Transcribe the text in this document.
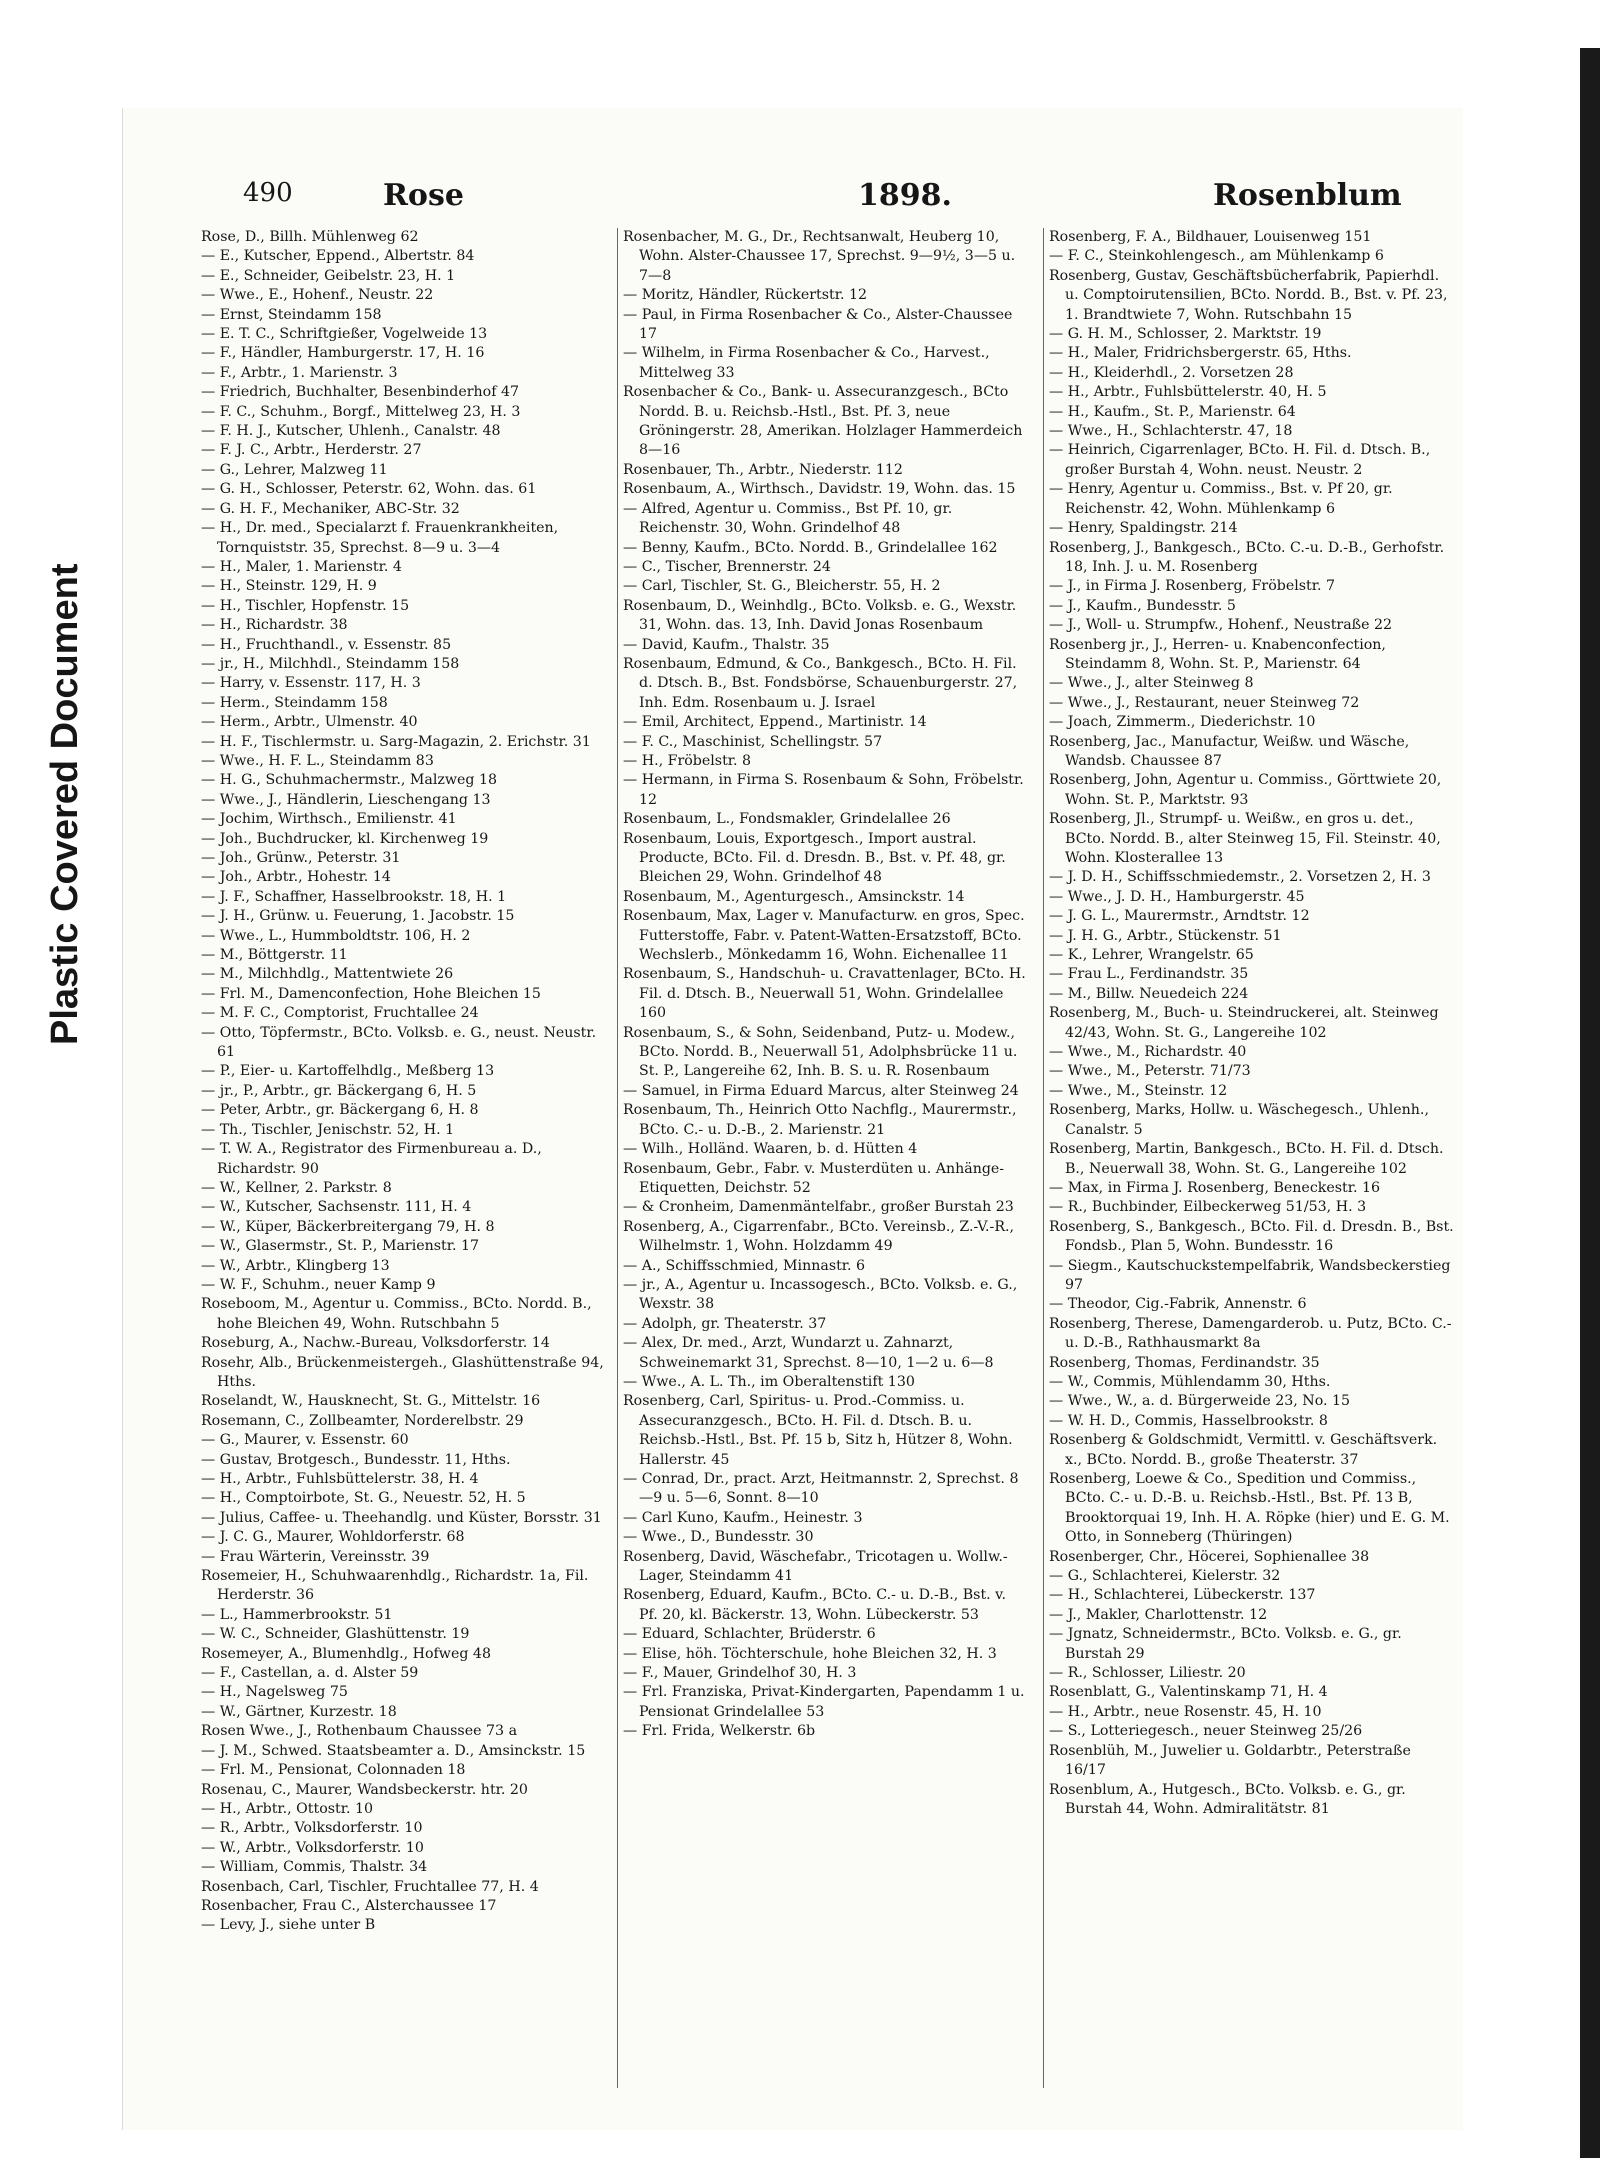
Plastic Covered Document
490	Rose	1898.	Rosenblum

Rose, D., Billh. Mühlenweg 62

— E., Kutscher, Eppend., Albertstr. 84

— E., Schneider, Geibelstr. 23, H. 1

— Wwe., E., Hohenf., Neustr. 22

— Ernst, Steindamm 158

— E. T. C., Schriftgießer, Vogelweide 13

— F., Händler, Hamburgerstr. 17, H. 16

— F., Arbtr., 1. Marienstr. 3

— Friedrich, Buchhalter, Besenbinderhof 47

— F. C., Schuhm., Borgf., Mittelweg 23, H. 3

— F. H. J., Kutscher, Uhlenh., Canalstr. 48

— F. J. C., Arbtr., Herderstr. 27

— G., Lehrer, Malzweg 11

— G. H., Schlosser, Peterstr. 62, Wohn. das. 61

— G. H. F., Mechaniker, ABC-Str. 32

— H., Dr. med., Specialarzt f. Frauenkrankheiten, Tornquiststr. 35, Sprechst. 8—9 u. 3—4

— H., Maler, 1. Marienstr. 4

— H., Steinstr. 129, H. 9

— H., Tischler, Hopfenstr. 15

— H., Richardstr. 38

— H., Fruchthandl., v. Essenstr. 85

— jr., H., Milchhdl., Steindamm 158

— Harry, v. Essenstr. 117, H. 3

— Herm., Steindamm 158

— Herm., Arbtr., Ulmenstr. 40

— H. F., Tischlermstr. u. Sarg-Magazin, 2. Erichstr. 31

— Wwe., H. F. L., Steindamm 83

— H. G., Schuhmachermstr., Malzweg 18

— Wwe., J., Händlerin, Lieschengang 13

— Jochim, Wirthsch., Emilienstr. 41

— Joh., Buchdrucker, kl. Kirchenweg 19

— Joh., Grünw., Peterstr. 31

— Joh., Arbtr., Hohestr. 14

— J. F., Schaffner, Hasselbrookstr. 18, H. 1

— J. H., Grünw. u. Feuerung, 1. Jacobstr. 15

— Wwe., L., Hummboldtstr. 106, H. 2

— M., Böttgerstr. 11

— M., Milchhdlg., Mattentwiete 26

— Frl. M., Damenconfection, Hohe Bleichen 15

— M. F. C., Comptorist, Fruchtallee 24

— Otto, Töpfermstr., BCto. Volksb. e. G., neust. Neustr. 61

— P., Eier- u. Kartoffelhdlg., Meßberg 13

— jr., P., Arbtr., gr. Bäckergang 6, H. 5

— Peter, Arbtr., gr. Bäckergang 6, H. 8

— Th., Tischler, Jenischstr. 52, H. 1

— T. W. A., Registrator des Firmenbureau a. D., Richardstr. 90

— W., Kellner, 2. Parkstr. 8

— W., Kutscher, Sachsenstr. 111, H. 4

— W., Küper, Bäckerbreitergang 79, H. 8

— W., Glasermstr., St. P., Marienstr. 17

— W., Arbtr., Klingberg 13

— W. F., Schuhm., neuer Kamp 9

Roseboom, M., Agentur u. Commiss., BCto. Nordd. B., hohe Bleichen 49, Wohn. Rutschbahn 5

Roseburg, A., Nachw.-Bureau, Volksdorferstr. 14

Rosehr, Alb., Brückenmeistergeh., Glashüttenstraße 94, Hths.

Roselandt, W., Hausknecht, St. G., Mittelstr. 16

Rosemann, C., Zollbeamter, Norderelbstr. 29

— G., Maurer, v. Essenstr. 60

— Gustav, Brotgesch., Bundesstr. 11, Hths.

— H., Arbtr., Fuhlsbüttelerstr. 38, H. 4

— H., Comptoirbote, St. G., Neuestr. 52, H. 5

— Julius, Caffee- u. Theehandlg. und Küster, Borsstr. 31

— J. C. G., Maurer, Wohldorferstr. 68

— Frau Wärterin, Vereinsstr. 39

Rosemeier, H., Schuhwaarenhdlg., Richardstr. 1a, Fil. Herderstr. 36

— L., Hammerbrookstr. 51

— W. C., Schneider, Glashüttenstr. 19

Rosemeyer, A., Blumenhdlg., Hofweg 48

— F., Castellan, a. d. Alster 59

— H., Nagelsweg 75

— W., Gärtner, Kurzestr. 18

Rosen Wwe., J., Rothenbaum Chaussee 73 a

— J. M., Schwed. Staatsbeamter a. D., Amsinckstr. 15

— Frl. M., Pensionat, Colonnaden 18

Rosenau, C., Maurer, Wandsbeckerstr. htr. 20

— H., Arbtr., Ottostr. 10

— R., Arbtr., Volksdorferstr. 10

— W., Arbtr., Volksdorferstr. 10

— William, Commis, Thalstr. 34

Rosenbach, Carl, Tischler, Fruchtallee 77, H. 4

Rosenbacher, Frau C., Alsterchaussee 17

— Levy, J., siehe unter B

Rosenbacher, M. G., Dr., Rechtsanwalt, Heuberg 10, Wohn. Alster-Chaussee 17, Sprechst. 9—9½, 3—5 u. 7—8

— Moritz, Händler, Rückertstr. 12

— Paul, in Firma Rosenbacher & Co., Alster-Chaussee 17

— Wilhelm, in Firma Rosenbacher & Co., Harvest., Mittelweg 33

Rosenbacher & Co., Bank- u. Assecuranzgesch., BCto Nordd. B. u. Reichsb.-Hstl., Bst. Pf. 3, neue Gröningerstr. 28, Amerikan. Holzlager Hammerdeich 8—16

Rosenbauer, Th., Arbtr., Niederstr. 112

Rosenbaum, A., Wirthsch., Davidstr. 19, Wohn. das. 15

— Alfred, Agentur u. Commiss., Bst Pf. 10, gr. Reichenstr. 30, Wohn. Grindelhof 48

— Benny, Kaufm., BCto. Nordd. B., Grindelallee 162

— C., Tischer, Brennerstr. 24

— Carl, Tischler, St. G., Bleicherstr. 55, H. 2

Rosenbaum, D., Weinhdlg., BCto. Volksb. e. G., Wexstr. 31, Wohn. das. 13, Inh. David Jonas Rosenbaum

— David, Kaufm., Thalstr. 35

Rosenbaum, Edmund, & Co., Bankgesch., BCto. H. Fil. d. Dtsch. B., Bst. Fondsbörse, Schauenburgerstr. 27, Inh. Edm. Rosenbaum u. J. Israel

— Emil, Architect, Eppend., Martinistr. 14

— F. C., Maschinist, Schellingstr. 57

— H., Fröbelstr. 8

— Hermann, in Firma S. Rosenbaum & Sohn, Fröbelstr. 12

Rosenbaum, L., Fondsmakler, Grindelallee 26

Rosenbaum, Louis, Exportgesch., Import austral. Producte, BCto. Fil. d. Dresdn. B., Bst. v. Pf. 48, gr. Bleichen 29, Wohn. Grindelhof 48

Rosenbaum, M., Agenturgesch., Amsinckstr. 14

Rosenbaum, Max, Lager v. Manufacturw. en gros, Spec. Futterstoffe, Fabr. v. Patent-Watten-Ersatzstoff, BCto. Wechslerb., Mönkedamm 16, Wohn. Eichenallee 11

Rosenbaum, S., Handschuh- u. Cravattenlager, BCto. H. Fil. d. Dtsch. B., Neuerwall 51, Wohn. Grindelallee 160

Rosenbaum, S., & Sohn, Seidenband, Putz- u. Modew., BCto. Nordd. B., Neuerwall 51, Adolphsbrücke 11 u. St. P., Langereihe 62, Inh. B. S. u. R. Rosenbaum

— Samuel, in Firma Eduard Marcus, alter Steinweg 24

Rosenbaum, Th., Heinrich Otto Nachflg., Maurermstr., BCto. C.- u. D.-B., 2. Marienstr. 21

— Wilh., Holländ. Waaren, b. d. Hütten 4

Rosenbaum, Gebr., Fabr. v. Musterdüten u. Anhänge-Etiquetten, Deichstr. 52

— & Cronheim, Damenmäntelfabr., großer Burstah 23

Rosenberg, A., Cigarrenfabr., BCto. Vereinsb., Z.-V.-R., Wilhelmstr. 1, Wohn. Holzdamm 49

— A., Schiffsschmied, Minnastr. 6

— jr., A., Agentur u. Incassogesch., BCto. Volksb. e. G., Wexstr. 38

— Adolph, gr. Theaterstr. 37

— Alex, Dr. med., Arzt, Wundarzt u. Zahnarzt, Schweinemarkt 31, Sprechst. 8—10, 1—2 u. 6—8

— Wwe., A. L. Th., im Oberaltenstift 130

Rosenberg, Carl, Spiritus- u. Prod.-Commiss. u. Assecuranzgesch., BCto. H. Fil. d. Dtsch. B. u. Reichsb.-Hstl., Bst. Pf. 15 b, Sitz h, Hützer 8, Wohn. Hallerstr. 45

— Conrad, Dr., pract. Arzt, Heitmannstr. 2, Sprechst. 8—9 u. 5—6, Sonnt. 8—10

— Carl Kuno, Kaufm., Heinestr. 3

— Wwe., D., Bundesstr. 30

Rosenberg, David, Wäschefabr., Tricotagen u. Wollw.-Lager, Steindamm 41

Rosenberg, Eduard, Kaufm., BCto. C.- u. D.-B., Bst. v. Pf. 20, kl. Bäckerstr. 13, Wohn. Lübeckerstr. 53

— Eduard, Schlachter, Brüderstr. 6

— Elise, höh. Töchterschule, hohe Bleichen 32, H. 3

— F., Mauer, Grindelhof 30, H. 3

— Frl. Franziska, Privat-Kindergarten, Papendamm 1 u. Pensionat Grindelallee 53

— Frl. Frida, Welkerstr. 6b

Rosenberg, F. A., Bildhauer, Louisenweg 151

— F. C., Steinkohlengesch., am Mühlenkamp 6

Rosenberg, Gustav, Geschäftsbücherfabrik, Papierhdl. u. Comptoirutensilien, BCto. Nordd. B., Bst. v. Pf. 23, 1. Brandtwiete 7, Wohn. Rutschbahn 15

— G. H. M., Schlosser, 2. Marktstr. 19

— H., Maler, Fridrichsbergerstr. 65, Hths.

— H., Kleiderhdl., 2. Vorsetzen 28

— H., Arbtr., Fuhlsbüttelerstr. 40, H. 5

— H., Kaufm., St. P., Marienstr. 64

— Wwe., H., Schlachterstr. 47, 18

— Heinrich, Cigarrenlager, BCto. H. Fil. d. Dtsch. B., großer Burstah 4, Wohn. neust. Neustr. 2

— Henry, Agentur u. Commiss., Bst. v. Pf 20, gr. Reichenstr. 42, Wohn. Mühlenkamp 6

— Henry, Spaldingstr. 214

Rosenberg, J., Bankgesch., BCto. C.-u. D.-B., Gerhofstr. 18, Inh. J. u. M. Rosenberg

— J., in Firma J. Rosenberg, Fröbelstr. 7

— J., Kaufm., Bundesstr. 5

— J., Woll- u. Strumpfw., Hohenf., Neustraße 22

Rosenberg jr., J., Herren- u. Knabenconfection, Steindamm 8, Wohn. St. P., Marienstr. 64

— Wwe., J., alter Steinweg 8

— Wwe., J., Restaurant, neuer Steinweg 72

— Joach, Zimmerm., Diederichstr. 10

Rosenberg, Jac., Manufactur, Weißw. und Wäsche, Wandsb. Chaussee 87

Rosenberg, John, Agentur u. Commiss., Görttwiete 20, Wohn. St. P., Marktstr. 93

Rosenberg, Jl., Strumpf- u. Weißw., en gros u. det., BCto. Nordd. B., alter Steinweg 15, Fil. Steinstr. 40, Wohn. Klosterallee 13

— J. D. H., Schiffsschmiedemstr., 2. Vorsetzen 2, H. 3

— Wwe., J. D. H., Hamburgerstr. 45

— J. G. L., Maurermstr., Arndtstr. 12

— J. H. G., Arbtr., Stückenstr. 51

— K., Lehrer, Wrangelstr. 65

— Frau L., Ferdinandstr. 35

— M., Billw. Neuedeich 224

Rosenberg, M., Buch- u. Steindruckerei, alt. Steinweg 42/43, Wohn. St. G., Langereihe 102

— Wwe., M., Richardstr. 40

— Wwe., M., Peterstr. 71/73

— Wwe., M., Steinstr. 12

Rosenberg, Marks, Hollw. u. Wäschegesch., Uhlenh., Canalstr. 5

Rosenberg, Martin, Bankgesch., BCto. H. Fil. d. Dtsch. B., Neuerwall 38, Wohn. St. G., Langereihe 102

— Max, in Firma J. Rosenberg, Beneckestr. 16

— R., Buchbinder, Eilbeckerweg 51/53, H. 3

Rosenberg, S., Bankgesch., BCto. Fil. d. Dresdn. B., Bst. Fondsb., Plan 5, Wohn. Bundesstr. 16

— Siegm., Kautschuckstempelfabrik, Wandsbeckerstieg 97

— Theodor, Cig.-Fabrik, Annenstr. 6

Rosenberg, Therese, Damengarderob. u. Putz, BCto. C.- u. D.-B., Rathhausmarkt 8a

Rosenberg, Thomas, Ferdinandstr. 35

— W., Commis, Mühlendamm 30, Hths.

— Wwe., W., a. d. Bürgerweide 23, No. 15

— W. H. D., Commis, Hasselbrookstr. 8

Rosenberg & Goldschmidt, Vermittl. v. Geschäftsverk. x., BCto. Nordd. B., große Theaterstr. 37

Rosenberg, Loewe & Co., Spedition und Commiss., BCto. C.- u. D.-B. u. Reichsb.-Hstl., Bst. Pf. 13 B, Brooktorquai 19, Inh. H. A. Röpke (hier) und E. G. M. Otto, in Sonneberg (Thüringen)

Rosenberger, Chr., Höcerei, Sophienallee 38

— G., Schlachterei, Kielerstr. 32

— H., Schlachterei, Lübeckerstr. 137

— J., Makler, Charlottenstr. 12

— Jgnatz, Schneidermstr., BCto. Volksb. e. G., gr. Burstah 29

— R., Schlosser, Liliestr. 20

Rosenblatt, G., Valentinskamp 71, H. 4

— H., Arbtr., neue Rosenstr. 45, H. 10

— S., Lotteriegesch., neuer Steinweg 25/26

Rosenblüh, M., Juwelier u. Goldarbtr., Peterstraße 16/17

Rosenblum, A., Hutgesch., BCto. Volksb. e. G., gr. Burstah 44, Wohn. Admiralitätstr. 81
